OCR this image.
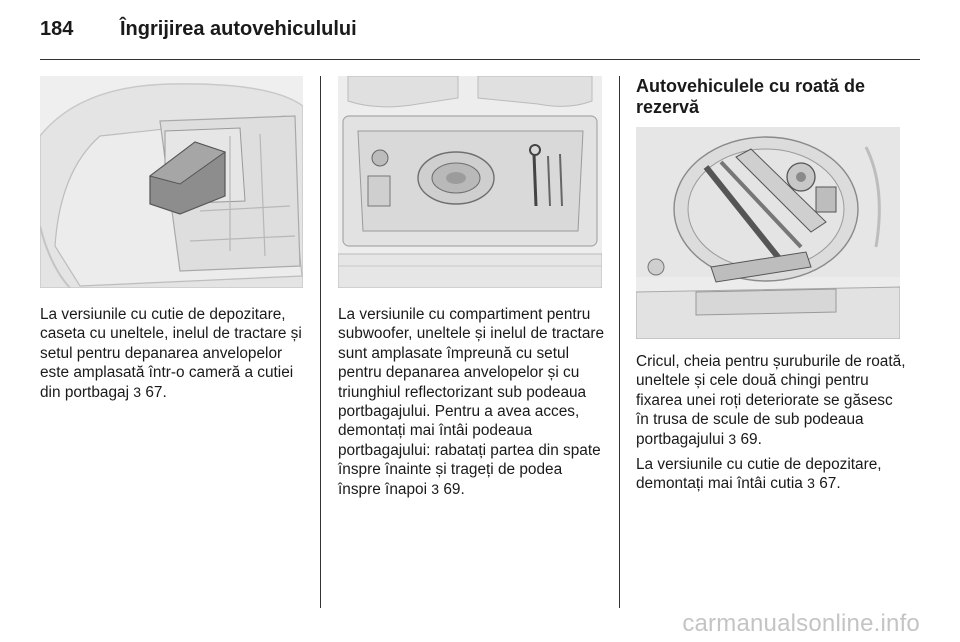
184 Îngrijirea autovehiculului

La versiunile cu cutie de depozitare, caseta cu uneltele, inelul de tractare și setul pentru depanarea anvelopelor este amplasată într-o cameră a cutiei din portbagaj 3 67.

La versiunile cu compartiment pentru subwoofer, uneltele și inelul de tractare sunt amplasate împreună cu setul pentru depanarea anvelopelor și cu triunghiul reflectorizant sub podeaua portbagajului. Pentru a avea acces, demontați mai întâi podeaua portbagajului: rabatați partea din spate înspre înainte și trageți de podea înspre înapoi 3 69.

Autovehiculele cu roată de rezervă

Cricul, cheia pentru șuruburile de roată, uneltele și cele două chingi pentru fixarea unei roți deteriorate se găsesc în trusa de scule de sub podeaua portbagajului 3 69.

La versiunile cu cutie de depozitare, demontați mai întâi cutia 3 67.

carmanualsonline.info
